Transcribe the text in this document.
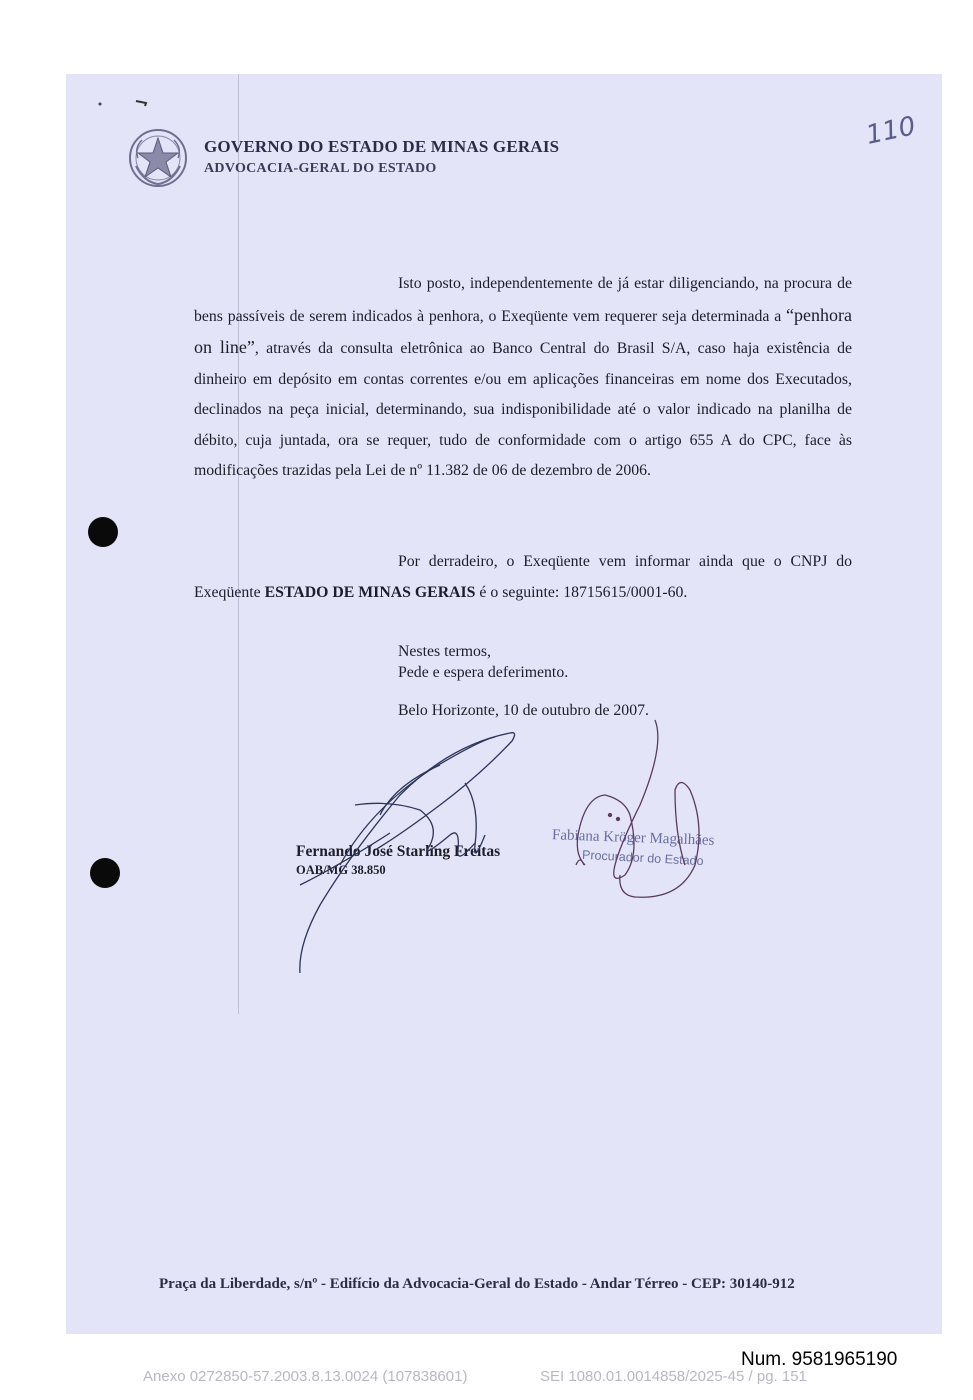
GOVERNO DO ESTADO DE MINAS GERAIS
ADVOCACIA-GERAL DO ESTADO
110

Isto posto, independentemente de já estar diligenciando, na procura de bens passíveis de serem indicados à penhora, o Exeqüente vem requerer seja determinada a “penhora on line”, através da consulta eletrônica ao Banco Central do Brasil S/A, caso haja existência de dinheiro em depósito em contas correntes e/ou em aplicações financeiras em nome dos Executados, declinados na peça inicial, determinando, sua indisponibilidade até o valor indicado na planilha de débito, cuja juntada, ora se requer, tudo de conformidade com o artigo 655 A do CPC, face às modificações trazidas pela Lei de nº 11.382 de 06 de dezembro de 2006.

Por derradeiro, o Exeqüente vem informar ainda que o CNPJ do Exeqüente ESTADO DE MINAS GERAIS é o seguinte: 18715615/0001-60.

Nestes termos,
Pede e espera deferimento.
Belo Horizonte, 10 de outubro de 2007.
Fernando José Starling Freitas
OAB/MG 38.850
Fabiana Kröger Magalhães
Procurador do Estado
Praça da Liberdade, s/nº - Edifício da Advocacia-Geral do Estado - Andar Térreo - CEP: 30140-912
Num. 9581965190
Anexo 0272850-57.2003.8.13.0024 (107838601)	SEI 1080.01.0014858/2025-45 / pg. 151
